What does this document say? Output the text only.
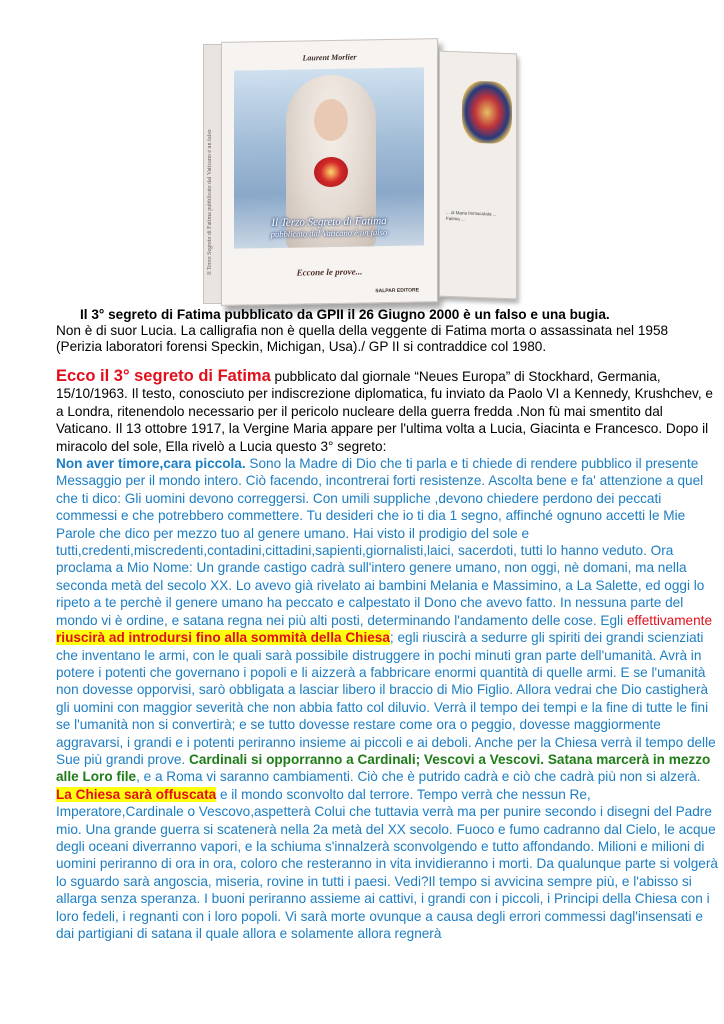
Il Terzo Segreto di Fatima pubblicato dal Vaticano è un falso
Laurent Morlier
Il Terzo Segreto di Fatima
pubblicato dal Vaticano è un falso
Eccone le prove...
SALPAR EDITORE
... di Maria Immacolata ... Fatima ...
Il 3° segreto di Fatima pubblicato da GPII il 26 Giugno 2000 è un falso e una bugia.
Non è di suor Lucia. La calligrafia non è quella della veggente di Fatima morta o assassinata nel 1958 (Perizia laboratori forensi Speckin, Michigan, Usa)./ GP II si contraddice col 1980.

Ecco il 3° segreto di Fatima pubblicato dal giornale “Neues Europa” di Stockhard, Germania, 15/10/1963. Il testo, conosciuto per indiscrezione diplomatica, fu inviato da Paolo VI a Kennedy, Krushchev, e a Londra, ritenendolo necessario per il pericolo nucleare della guerra fredda .Non fù mai smentito dal Vaticano. Il 13 ottobre 1917, la Vergine Maria appare per l'ultima volta a Lucia, Giacinta e Francesco. Dopo il miracolo del sole, Ella rivelò a Lucia questo 3° segreto:

Non aver timore,cara piccola. Sono la Madre di Dio che ti parla e ti chiede di rendere pubblico il presente Messaggio per il mondo intero. Ciò facendo, incontrerai forti resistenze. Ascolta bene e fa' attenzione a quel che ti dico: Gli uomini devono correggersi. Con umili suppliche ,devono chiedere perdono dei peccati commessi e che potrebbero commettere. Tu desideri che io ti dia 1 segno, affinché ognuno accetti le Mie Parole che dico per mezzo tuo al genere umano. Hai visto il prodigio del sole e tutti,credenti,miscredenti,contadini,cittadini,sapienti,giornalisti,laici, sacerdoti, tutti lo hanno veduto. Ora proclama a Mio Nome: Un grande castigo cadrà sull'intero genere umano, non oggi, nè domani, ma nella seconda metà del secolo XX. Lo avevo già rivelato ai bambini Melania e Massimino, a La Salette, ed oggi lo ripeto a te perchè il genere umano ha peccato e calpestato il Dono che avevo fatto. In nessuna parte del mondo vi è ordine, e satana regna nei più alti posti, determinando l'andamento delle cose. Egli effettivamente riuscirà ad introdursi fino alla sommità della Chiesa; egli riuscirà a sedurre gli spiriti dei grandi scienziati che inventano le armi, con le quali sarà possibile distruggere in pochi minuti gran parte dell'umanità. Avrà in potere i potenti che governano i popoli e li aizzerà a fabbricare enormi quantità di quelle armi. E se l'umanità non dovesse opporvisi, sarò obbligata a lasciar libero il braccio di Mio Figlio. Allora vedrai che Dio castigherà gli uomini con maggior severità che non abbia fatto col diluvio. Verrà il tempo dei tempi e la fine di tutte le fini se l'umanità non si convertirà; e se tutto dovesse restare come ora o peggio, dovesse maggiormente aggravarsi, i grandi e i potenti periranno insieme ai piccoli e ai deboli. Anche per la Chiesa verrà il tempo delle Sue più grandi prove. Cardinali si opporranno a Cardinali; Vescovi a Vescovi. Satana marcerà in mezzo alle Loro file, e a Roma vi saranno cambiamenti. Ciò che è putrido cadrà e ciò che cadrà più non si alzerà. La Chiesa sarà offuscata e il mondo sconvolto dal terrore. Tempo verrà che nessun Re, Imperatore,Cardinale o Vescovo,aspetterà Colui che tuttavia verrà ma per punire secondo i disegni del Padre mio. Una grande guerra si scatenerà nella 2a metà del XX secolo. Fuoco e fumo cadranno dal Cielo, le acque degli oceani diverranno vapori, e la schiuma s'innalzerà sconvolgendo e tutto affondando. Milioni e milioni di uomini periranno di ora in ora, coloro che resteranno in vita invidieranno i morti. Da qualunque parte si volgerà lo sguardo sarà angoscia, miseria, rovine in tutti i paesi. Vedi?Il tempo si avvicina sempre più, e l'abisso si allarga senza speranza. I buoni periranno assieme ai cattivi, i grandi con i piccoli, i Principi della Chiesa con i loro fedeli, i regnanti con i loro popoli. Vi sarà morte ovunque a causa degli errori commessi dagl'insensati e dai partigiani di satana il quale allora e solamente allora regnerà
